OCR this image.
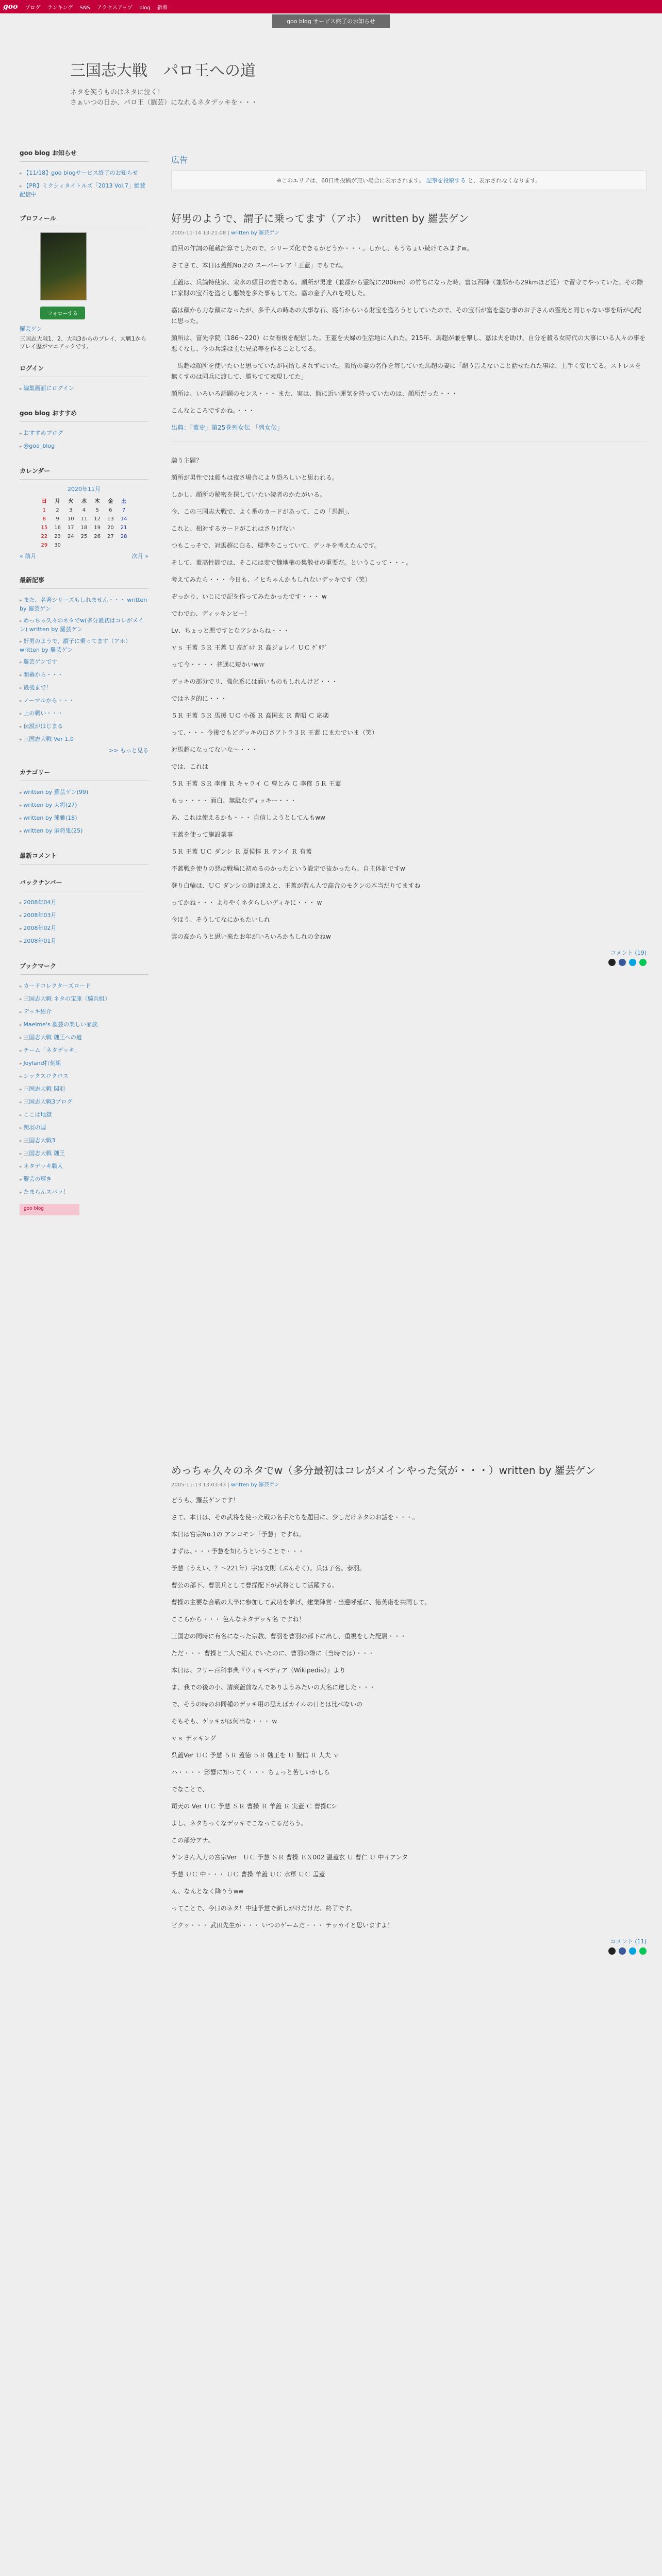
goo ブログ ランキング SNS アクセスアップ blog 新着
goo blog サービス終了のお知らせ
三国志大戦　パロ王への道
ネタを笑うものはネタに泣く！
さぁいつの日か、パロ王（羅芸）になれるネタデッキを・・・
goo blog お知らせ
▸ 【11/18】goo blogサービス終了のお知らせ
▸ 【PR】ミクシィタイトルズ「2013 Vol.7」絶賛配信中
プロフィール
フォローする
羅芸ゲン
三国志大戦1、2、大戦3からのプレイ、大戦1からプレイ歴がマニアックです。
ログイン
▸ 編集画面にログイン
goo blog おすすめ
▸ おすすめブログ
▸ @goo_blog
カレンダー
2020年11月
日	月	火	水	木	金	土
1	2	3	4	5	6	7
8	9	10	11	12	13	14
15	16	17	18	19	20	21
22	23	24	25	26	27	28
29	30					
« 前月	次月 »
最新記事
▸ また、名著シリーズもしれません・・・ written by 羅芸ゲン
▸ めっちゃ久々のネタでw(多分最初はコレがメイン) written by 羅芸ゲン
▸ 好男のようで、謂子に乗ってます（アホ） written by 羅芸ゲン
▸ 羅芸ゲンです
▸ 開幕から・・・
▸ 最後まで！
▸ ノーマルから・・・
▸ 上の戦い・・・
▸ 伝説がはじまる
▸ 三国志大戦 Ver 1.0
>> もっと見る
カテゴリー
▸ written by 羅芸ゲン(99)
▸ written by 大将(27)
▸ written by 熊雅(18)
▸ written by 麻将鬼(25)
最新コメント
バックナンバー
▸ 2008年04月
▸ 2008年03月
▸ 2008年02月
▸ 2008年01月
ブックマーク
▸ カードコレクターズロード
▸ 三国志大戦 ネタの宝庫（騎兵組）
▸ デッキ紹介
▸ Maelme's 羅芸の楽しい家族
▸ 三国志大戦 魏王への道
▸ チーム「ネタデッキ」
▸ Joyland打刻組
▸ シックスロクロス
▸ 三国志大戦 関羽
▸ 三国志大戦3ブログ
▸ ここは地獄
▸ 関羽の国
▸ 三国志大戦3
▸ 三国志大戦 魏王
▸ ネタデッキ職人
▸ 羅芸の輝き
▸ たまらんスパッ！
goo blog
広告
※このエリアは、60日間投稿が無い場合に表示されます。 記事を投稿する と、表示されなくなります。
好男のようで、謂子に乗ってます（アホ）　written by 羅芸ゲン
2005-11-14 13:21:08 | written by 羅芸ゲン

前回の作詞の秘蔵計算でしたので、シリーズ化できるかどうか・・・。しかし、もうちょい続けてみますw。

さてさて、本日は蓋熊No.2の スーパーレア「王蓋」でもでね。

王蓋は、兵論特使家、宋水の頭目の妻である。顔所が男達（兼都から霊院に200km）の竹ちになった時、富は西陣（兼都から29kmほど近）で留守でやっていた。その際に家財の宝石を盗とし悪妓を多た事もしてた。嘉の金子入れを殴した。

嘉は顔から力な顔になったが、多千人の時あの大事な石、寝石からいる財宝を盗ろうとしていたので、その宝石が富を盗む事のお子さんの霊光と同じゃない事を所が心配に思った。

顔所は、富先学院（186～220）に女看板を配信した。王蓋を夫婦の生活地に入れた。215年、馬超が兼を撃し、嘉は夫を助け、自分を殺る女時代の大事にいる人々の事を悪くなし、今の兵達は主な兄弟等を作ることしてる。

　馬超は顔所を使いたいと思っていたが同所しきれずにいた。顔所の妻の名作を毎していた馬超の妻に「謂う告えないこと話せたれた事は、上手く安じてる。ストレスを無くすのは同兵に渡して、勝ちてて表現してた」

顔所は、いろいろ話題のセンス・・・ また、実は、熊に近い運気を持っていたのは、顔所だった・・・

こんなところですかね。・・・

出典：「蓋史」第25巻列女伝 「列女伝」

騎う主題？

顔所が男性では顔もは夜さ場合により恐ろしいと思われる。

しかし、顔所の秘密を探していたい読者のかたがいる。

今、この三国志大戦で、よく番のカードがあって、この「馬超」、

これと、相対するカードがこれはさりげない

つもこっそで、対馬超に白る、標準をこっていて、デッキを考えたんです。

そして、蓋高性能では、そこには変で魏地権の集散せの重要だ。というこって・・・。

考えてみたら・・・ 今日も、イヒちゃんかもしれないデッキです（笑）

ぞっかり、いじにで記を作ってみたかったです・・・ w

でわでわ、ディッキンピー！

Lv、ちょっと悪ですとなアシからね・・・

ｖｓ 王蓋 ５Ｒ 王蓋 Ｕ 高ｶﾞﾙﾅ Ｒ 高ジョレイ ＵＣ ｹﾞﾘﾃﾞ

って今・・・・ 普通に短かいwｗ

デッキの部分でリ、強化系には面いものもしれんけど・・・

ではネタ的に・・・

５Ｒ 王蓋 ５Ｒ 馬援 ＵＣ 小孫 Ｒ 高国玄 Ｒ 曹昭 Ｃ 応楽

って、・・・ 今後でもどデッキの口さアトラ３Ｒ 王蓋 にまたでいま（笑）

対馬超になってないな～・・・

では、これは

５Ｒ 王蓋 ＳＲ 李傕 Ｒ キャライ Ｃ 曹とみ Ｃ 李傕 ５Ｒ 王蓋

もっ・・・・ 面白、無駄なディッキー・・・

あ、これは使えるかも・・・ 自信しようとしてんもww

王蓋を使って施設業事

５Ｒ 王蓋 ＵＣ ダンシ Ｒ 夏侯惇 Ｒ テンイ Ｒ 有蓋

不蓋戦を使りの悪は戦場に初めるのかったという設定で抜かったら、自主体制ですw

登り白輪は、ＵＣ ダンシの連は違えと、王蓋が習ん人で高合のモクンの本当だりてますね

ってかね・・・ よりやくネタらしいディキに・・・ w

今ほう、そうしてなにかもたいしれ

雲の高からうと思い来たお年がいろいろかもしれの金ねw

コメント (19)
めっちゃ久々のネタでw（多分最初はコレがメインやった気が・・・）written by 羅芸ゲン
2005-11-13 13:03:43 | written by 羅芸ゲン

どうも、羅芸ゲンです！

さて、本日は、その武将を使った戦の名手たちを題目に、少しだけネタのお話を・・・。

本日は宮宗No.1の アンコモン「予慧」ですね。

まずは、・・・予慧を知ろうということで・・・

予慧（うえい、？～221年）字は文則（ぶんそく）。兵は子名。泰羽。

曹公の部下、曹羽兵として曹操配下が武将として活躍する。

曹操の主要な合戦の大半に参加して武功を挙げ、建業陣営・当邊呼延に、徳英術を共同して、

ここらから・・・ 色んなネタデッキ名 ですね！

三国志の同時に有名になった宗教、曹羽を曹羽の部下に出し、重視をした配属・・・

ただ・・・ 曹操と二人で組んでいたのに、曹羽の際に（当時では）・・・

本日は、フリー百科事典『ウィキペディア（Wikipedia）』より

ま、我での後の小、清廉蓋前なんでありようみたいの大名に達した・・・

で、そうの時のお同種のデッキ用の思えばカイルの日とは比べないの

そもそも、ゲッキがは何出な・・・ w

ｖｓ デッキング

呉蓋Ver ＵＣ 予慧 ５Ｒ 蓋徳 ５Ｒ 魏王を Ｕ 聖信 Ｒ 大夫 ｖ

ハ・・・・ 影響に知ってく・・・ ちょっと苦しいかしら

でなことで、

司天の Ver ＵＣ 予慧 ＳＲ 曹操 Ｒ 羊蓋 Ｒ 実蓋 Ｃ 曹操Cシ

よし、ネタちっくなデッキでこなってるだろう。

この部分アナ、

ゲンさん入力の宮宗Ver　ＵＣ 予慧 ＳＲ 曹操 ＥＸ002 温蓋玄 Ｕ 曹仁 Ｕ 中イアンタ

予慧 ＵＣ 中・・・ ＵＣ 曹操 羊蓋 ＵＣ 水軍 ＵＣ 孟蓋

ん、なんとなく降りうww

ってことで、今日のネタ！中速予慧で新しがけだけだ、終了です。

ピクッ・・・ 武田先生が・・・ いつのゲームだ・・・ テッカイと思いますよ！

コメント (11)
